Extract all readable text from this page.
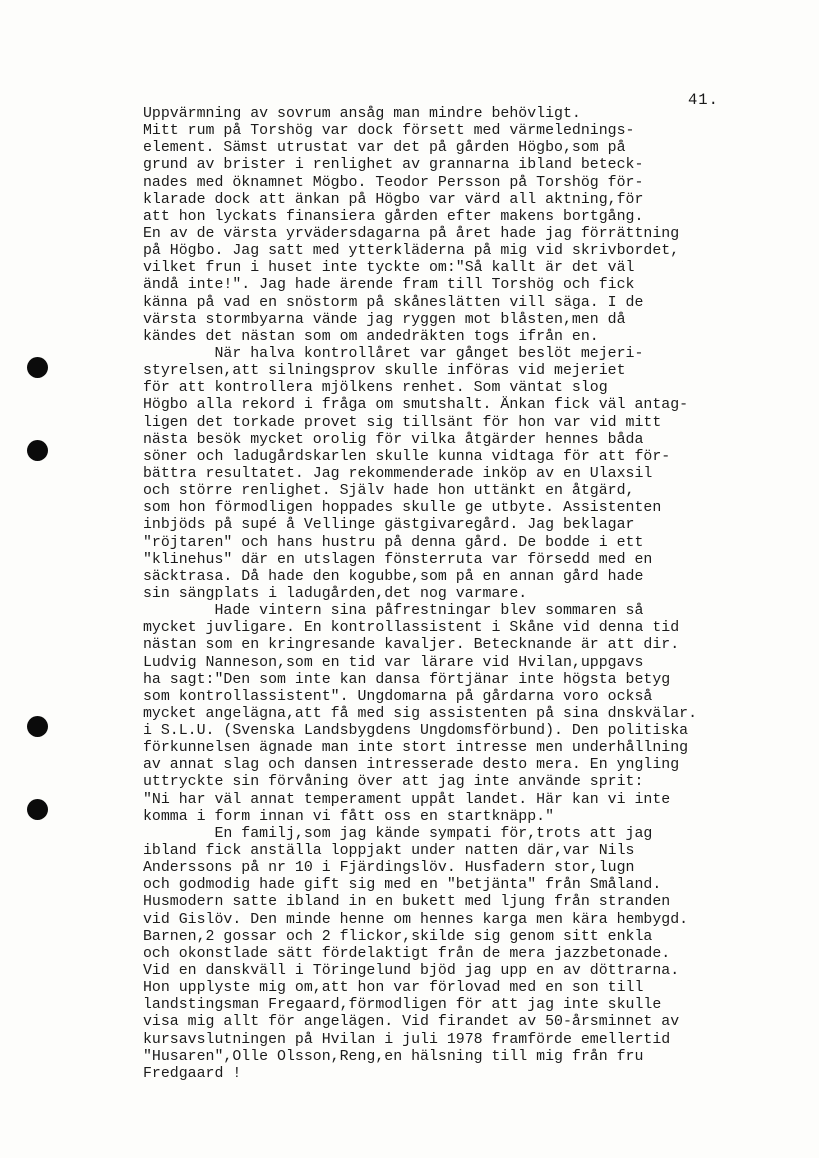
41.
Uppvärmning av sovrum ansåg man mindre behövligt.
Mitt rum på Torshög var dock försett med värmelednings-
element. Sämst utrustat var det på gården Högbo,som på
grund av brister i renlighet av grannarna ibland beteck-
nades med öknamnet Mögbo. Teodor Persson på Torshög för-
klarade dock att änkan på Högbo var värd all aktning,för
att hon lyckats finansiera gården efter makens bortgång.
En av de värsta yrvädersdagarna på året hade jag förrättning
på Högbo. Jag satt med ytterkläderna på mig vid skrivbordet,
vilket frun i huset inte tyckte om:"Så kallt är det väl
ändå inte!". Jag hade ärende fram till Torshög och fick
känna på vad en snöstorm på skåneslätten vill säga. I de
värsta stormbyarna vände jag ryggen mot blåsten,men då
kändes det nästan som om andedräkten togs ifrån en.
När halva kontrollåret var gånget beslöt mejeri-
styrelsen,att silningsprov skulle införas vid mejeriet
för att kontrollera mjölkens renhet. Som väntat slog
Högbo alla rekord i fråga om smutshalt. Änkan fick väl antag-
ligen det torkade provet sig tillsänt för hon var vid mitt
nästa besök mycket orolig för vilka åtgärder hennes båda
söner och ladugårdskarlen skulle kunna vidtaga för att för-
bättra resultatet. Jag rekommenderade inköp av en Ulaxsil
och större renlighet. Själv hade hon uttänkt en åtgärd,
som hon förmodligen hoppades skulle ge utbyte. Assistenten
inbjöds på supé å Vellinge gästgivaregård. Jag beklagar
"röjtaren" och hans hustru på denna gård. De bodde i ett
"klinehus" där en utslagen fönsterruta var försedd med en
säcktrasa. Då hade den kogubbe,som på en annan gård hade
sin sängplats i ladugården,det nog varmare.
Hade vintern sina påfrestningar blev sommaren så
mycket juvligare. En kontrollassistent i Skåne vid denna tid
nästan som en kringresande kavaljer. Betecknande är att dir.
Ludvig Nanneson,som en tid var lärare vid Hvilan,uppgavs
ha sagt:"Den som inte kan dansa förtjänar inte högsta betyg
som kontrollassistent". Ungdomarna på gårdarna voro också
mycket angelägna,att få med sig assistenten på sina dnskvälar.
i S.L.U. (Svenska Landsbygdens Ungdomsförbund). Den politiska
förkunnelsen ägnade man inte stort intresse men underhållning
av annat slag och dansen intresserade desto mera. En yngling
uttryckte sin förvåning över att jag inte använde sprit:
"Ni har väl annat temperament uppåt landet. Här kan vi inte
komma i form innan vi fått oss en startknäpp."
En familj,som jag kände sympati för,trots att jag
ibland fick anställa loppjakt under natten där,var Nils
Anderssons på nr 10 i Fjärdingslöv. Husfadern stor,lugn
och godmodig hade gift sig med en "betjänta" från Småland.
Husmodern satte ibland in en bukett med ljung från stranden
vid Gislöv. Den minde henne om hennes karga men kära hembygd.
Barnen,2 gossar och 2 flickor,skilde sig genom sitt enkla
och okonstlade sätt fördelaktigt från de mera jazzbetonade.
Vid en danskväll i Töringelund bjöd jag upp en av döttrarna.
Hon upplyste mig om,att hon var förlovad med en son till
landstingsman Fregaard,förmodligen för att jag inte skulle
visa mig allt för angelägen. Vid firandet av 50-årsminnet av
kursavslutningen på Hvilan i juli 1978 framförde emellertid
"Husaren",Olle Olsson,Reng,en hälsning till mig från fru
Fredgaard !
